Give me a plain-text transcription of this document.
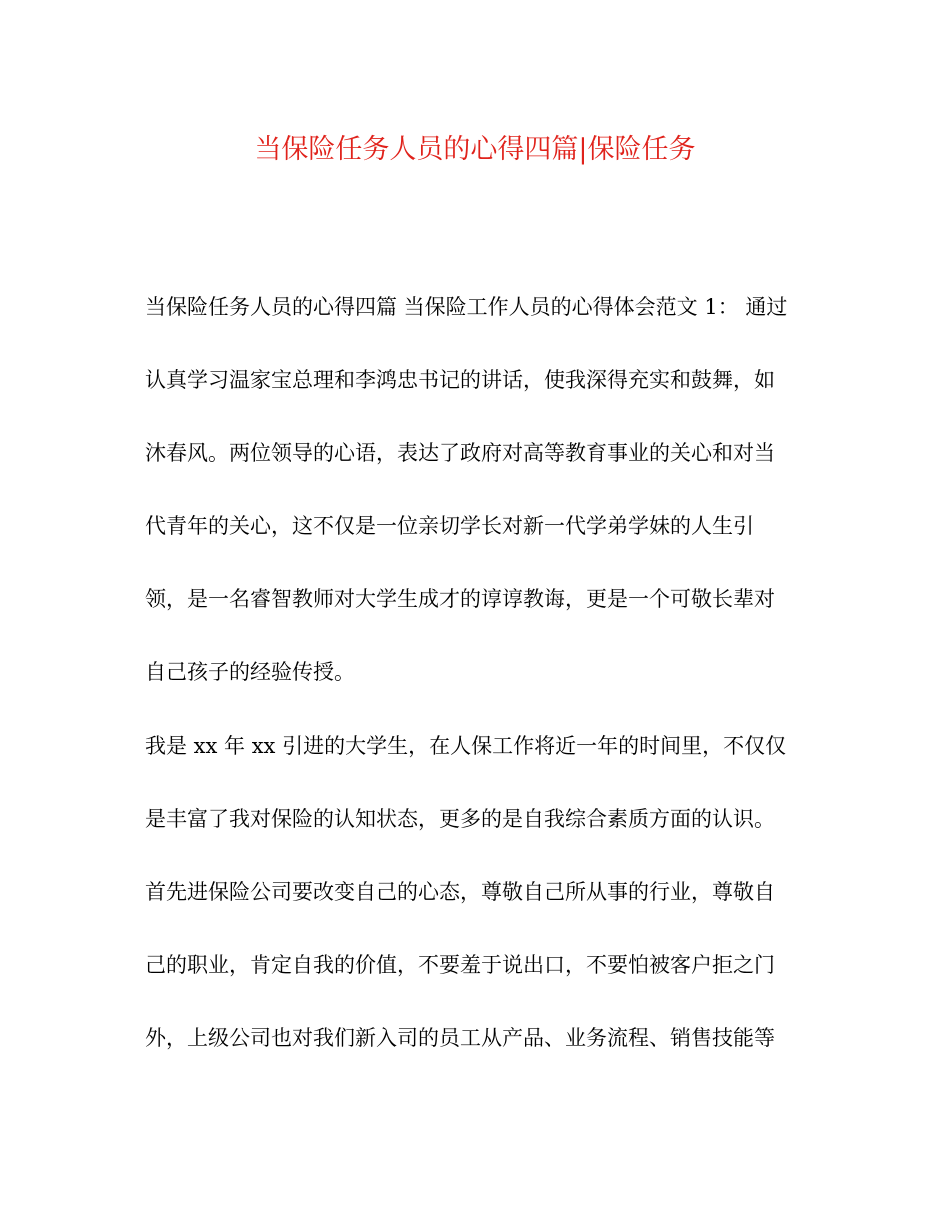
当保险任务人员的心得四篇|保险任务
当保险任务人员的心得四篇 当保险工作人员的心得体会范文 1： 通过
认真学习温家宝总理和李鸿忠书记的讲话，使我深得充实和鼓舞，如
沐春风。两位领导的心语，表达了政府对高等教育事业的关心和对当
代青年的关心，这不仅是一位亲切学长对新一代学弟学妹的人生引
领，是一名睿智教师对大学生成才的谆谆教诲，更是一个可敬长辈对
自己孩子的经验传授。
我是 xx 年 xx 引进的大学生，在人保工作将近一年的时间里，不仅仅
是丰富了我对保险的认知状态，更多的是自我综合素质方面的认识。
首先进保险公司要改变自己的心态，尊敬自己所从事的行业，尊敬自
己的职业，肯定自我的价值，不要羞于说出口，不要怕被客户拒之门
外，上级公司也对我们新入司的员工从产品、业务流程、销售技能等
